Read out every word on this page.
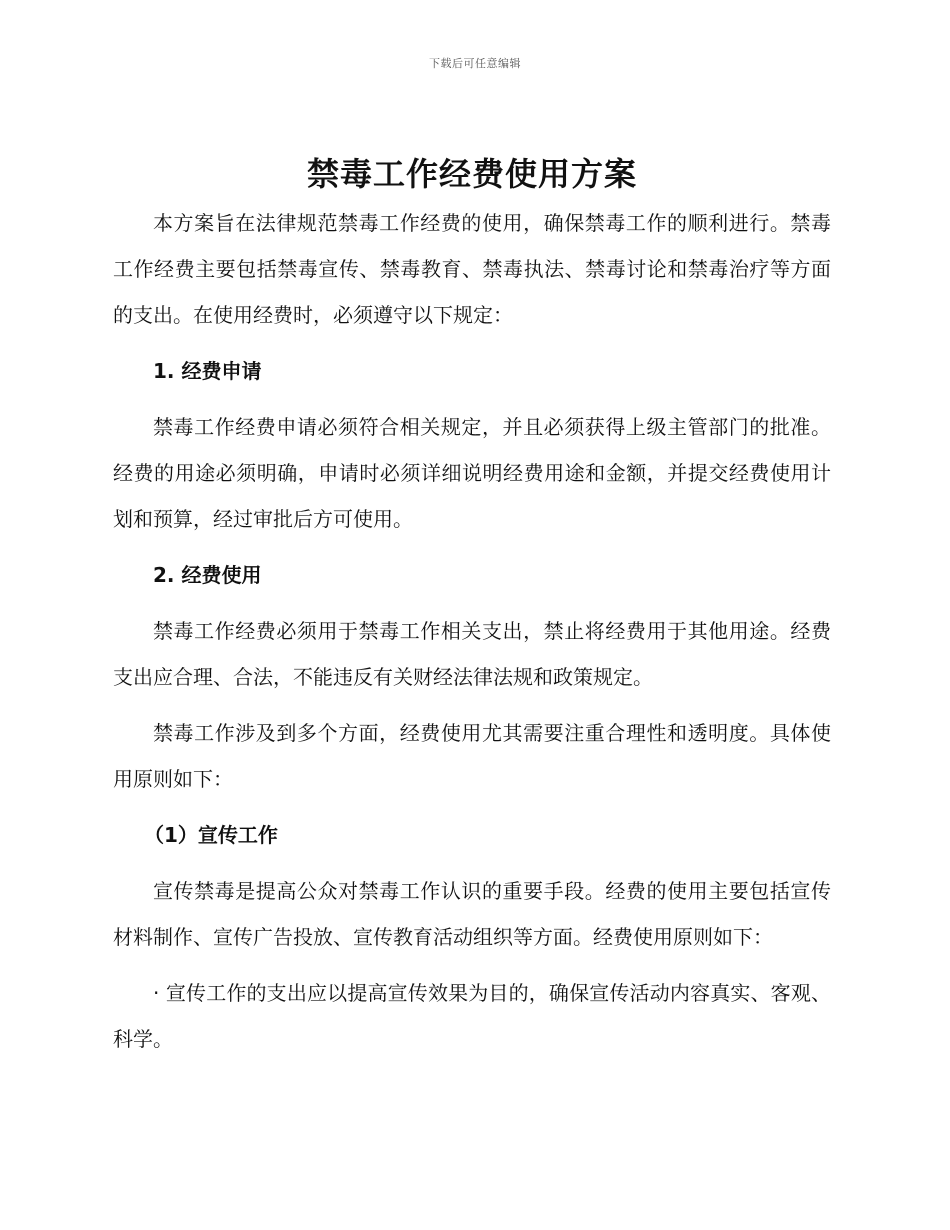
下载后可任意编辑
禁毒工作经费使用方案

本方案旨在法律规范禁毒工作经费的使用，确保禁毒工作的顺利进行。禁毒工作经费主要包括禁毒宣传、禁毒教育、禁毒执法、禁毒讨论和禁毒治疗等方面的支出。在使用经费时，必须遵守以下规定：

1. 经费申请

禁毒工作经费申请必须符合相关规定，并且必须获得上级主管部门的批准。经费的用途必须明确，申请时必须详细说明经费用途和金额，并提交经费使用计划和预算，经过审批后方可使用。

2. 经费使用

禁毒工作经费必须用于禁毒工作相关支出，禁止将经费用于其他用途。经费支出应合理、合法，不能违反有关财经法律法规和政策规定。

禁毒工作涉及到多个方面，经费使用尤其需要注重合理性和透明度。具体使用原则如下：

（1）宣传工作

宣传禁毒是提高公众对禁毒工作认识的重要手段。经费的使用主要包括宣传材料制作、宣传广告投放、宣传教育活动组织等方面。经费使用原则如下：

· 宣传工作的支出应以提高宣传效果为目的，确保宣传活动内容真实、客观、科学。
